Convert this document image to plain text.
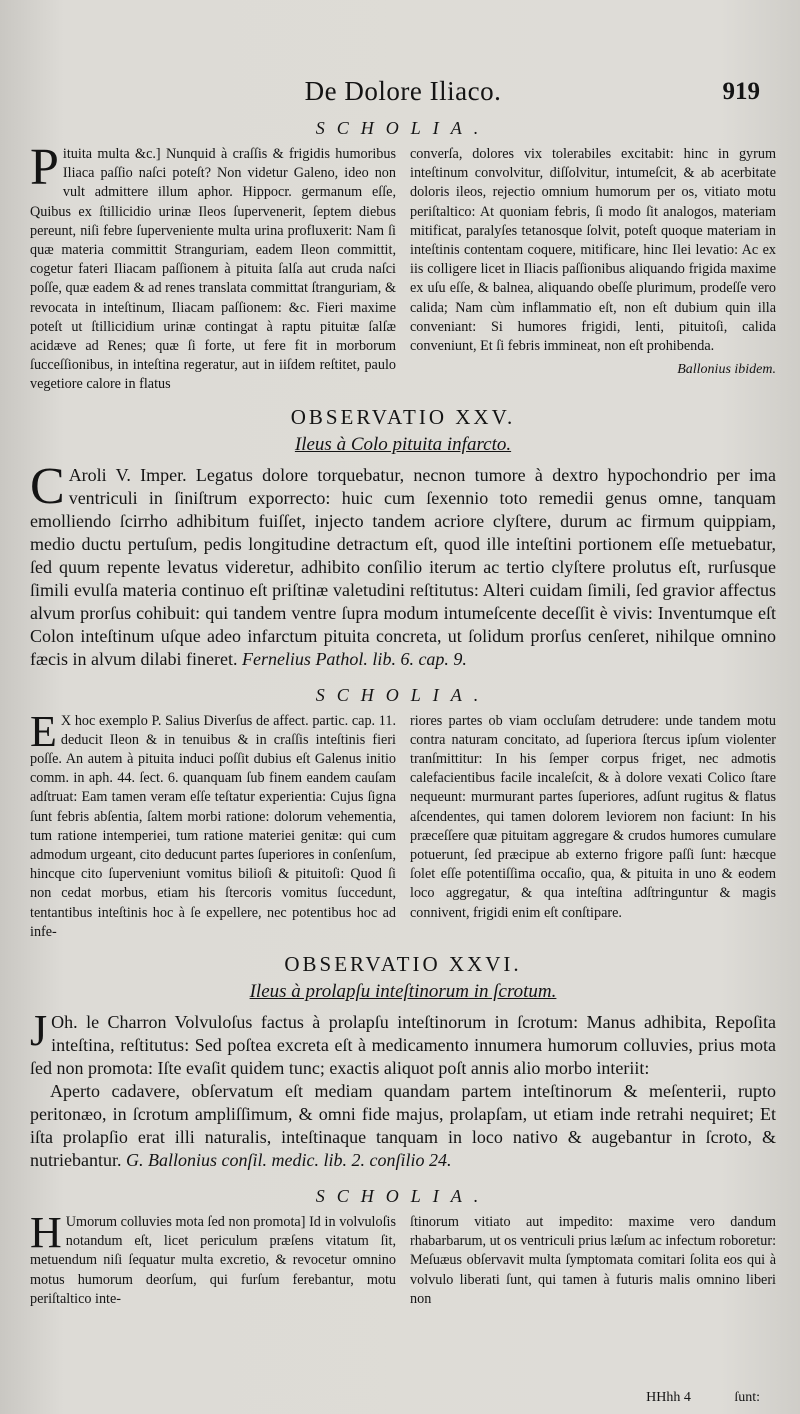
De Dolore Iliaco.	919
SCHOLIA.

Pituita multa &c.] Nunquid à craſſis & frigidis humoribus Iliaca paſſio naſci poteſt? Non videtur Galeno, ideo non vult admittere illum aphor. Hippocr. germanum eſſe, Quibus ex ſtillicidio urinæ Ileos ſupervenerit, ſeptem diebus pereunt, niſi febre ſuperveniente multa urina profluxerit: Nam ſi quæ materia committit Stranguriam, eadem Ileon committit, cogetur fateri Iliacam paſſionem à pituita ſalſa aut cruda naſci poſſe, quæ eadem & ad renes translata committat ſtranguriam, & revocata in inteſtinum, Iliacam paſſionem: &c. Fieri maxime poteſt ut ſtillicidium urinæ contingat à raptu pituitæ ſalſæ acidæve ad Renes; quæ ſi forte, ut fere fit in morborum ſucceſſionibus, in inteſtina regeratur, aut in iiſdem reſtitet, paulo vegetiore calore in flatus

converſa, dolores vix tolerabiles excitabit: hinc in gyrum inteſtinum convolvitur, diſſolvitur, intumeſcit, & ab acerbitate doloris ileos, rejectio omnium humorum per os, vitiato motu periſtaltico: At quoniam febris, ſi modo ſit analogos, materiam mitificat, paralyſes tetanosque ſolvit, poteſt quoque materiam in inteſtinis contentam coquere, mitificare, hinc Ilei levatio: Ac ex iis colligere licet in Iliacis paſſionibus aliquando frigida maxime ex uſu eſſe, & balnea, aliquando obeſſe plurimum, prodeſſe vero calida; Nam cùm inflammatio eſt, non eſt dubium quin illa conveniant: Si humores frigidi, lenti, pituitoſi, calida conveniunt, Et ſi febris immineat, non eſt prohibenda.

Ballonius ibidem.
OBSERVATIO XXV.
Ileus à Colo pituita infarcto.

C Aroli V. Imper. Legatus dolore torquebatur, necnon tumore à dextro hypochondrio per ima ventriculi in ſiniſtrum exporrecto: huic cum ſexennio toto remedii genus omne, tanquam emolliendo ſcirrho adhibitum fuiſſet, injecto tandem acriore clyſtere, durum ac firmum quippiam, medio ductu pertuſum, pedis longitudine detractum eſt, quod ille inteſtini portionem eſſe metuebatur, ſed quum repente levatus videretur, adhibito conſilio iterum ac tertio clyſtere prolutus eſt, rurſusque ſimili evulſa materia continuo eſt priſtinæ valetudini reſtitutus: Alteri cuidam ſimili, ſed gravior affectus alvum prorſus cohibuit: qui tandem ventre ſupra modum intumeſcente deceſſit è vivis: Inventumque eſt Colon inteſtinum uſque adeo infarctum pituita concreta, ut ſolidum prorſus cenſeret, nihilque omnino fæcis in alvum dilabi fineret. Fernelius Pathol. lib. 6. cap. 9.

SCHOLIA.

E X hoc exemplo P. Salius Diverſus de affect. partic. cap. 11. deducit Ileon & in tenuibus & in craſſis inteſtinis fieri poſſe. An autem à pituita induci poſſit dubius eſt Galenus initio comm. in aph. 44. ſect. 6. quanquam ſub finem eandem cauſam adſtruat: Eam tamen veram eſſe teſtatur experientia: Cujus ſigna ſunt febris abſentia, ſaltem morbi ratione: dolorum vehementia, tum ratione intemperiei, tum ratione materiei genitæ: qui cum admodum urgeant, cito deducunt partes ſuperiores in conſenſum, hincque cito ſuperveniunt vomitus bilioſi & pituitoſi: Quod ſi non cedat morbus, etiam his ſtercoris vomitus ſuccedunt, tentantibus inteſtinis hoc à ſe expellere, nec potentibus hoc ad infe-

riores partes ob viam occluſam detrudere: unde tandem motu contra naturam concitato, ad ſuperiora ſtercus ipſum violenter tranſmittitur: In his ſemper corpus friget, nec admotis calefacientibus facile incaleſcit, & à dolore vexati Colico ſtare nequeunt: murmurant partes ſuperiores, adſunt rugitus & flatus aſcendentes, qui tamen dolorem leviorem non faciunt: In his præceſſere quæ pituitam aggregare & crudos humores cumulare potuerunt, ſed præcipue ab externo frigore paſſi ſunt: hæcque ſolet eſſe potentiſſima occaſio, qua, & pituita in uno & eodem loco aggregatur, & qua inteſtina adſtringuntur & magis connivent, frigidi enim eſt conſtipare.

OBSERVATIO XXVI.
Ileus à prolapſu inteſtinorum in ſcrotum.

J Oh. le Charron Volvuloſus factus à prolapſu inteſtinorum in ſcrotum: Manus adhibita, Repoſita inteſtina, reſtitutus: Sed poſtea excreta eſt à medicamento innumera humorum colluvies, prius mota ſed non promota: Iſte evaſit quidem tunc; exactis aliquot poſt annis alio morbo interiit:

Aperto cadavere, obſervatum eſt mediam quandam partem inteſtinorum & meſenterii, rupto peritonæo, in ſcrotum ampliſſimum, & omni fide majus, prolapſam, ut etiam inde retrahi nequiret; Et iſta prolapſio erat illi naturalis, inteſtinaque tanquam in loco nativo & augebantur in ſcroto, & nutriebantur. G. Ballonius conſil. medic. lib. 2. conſilio 24.

SCHOLIA.

H Umorum colluvies mota ſed non promota] Id in volvuloſis notandum eſt, licet periculum præſens vitatum ſit, metuendum niſi ſequatur multa excretio, & revocetur omnino motus humorum deorſum, qui furſum ferebantur, motu periſtaltico inte-

ſtinorum vitiato aut impedito: maxime vero dandum rhabarbarum, ut os ventriculi prius læſum ac infectum roboretur: Meſuæus obſervavit multa ſymptomata comitari ſolita eos qui à volvulo liberati ſunt, qui tamen à futuris malis omnino liberi non

HHhh 4	ſunt:
